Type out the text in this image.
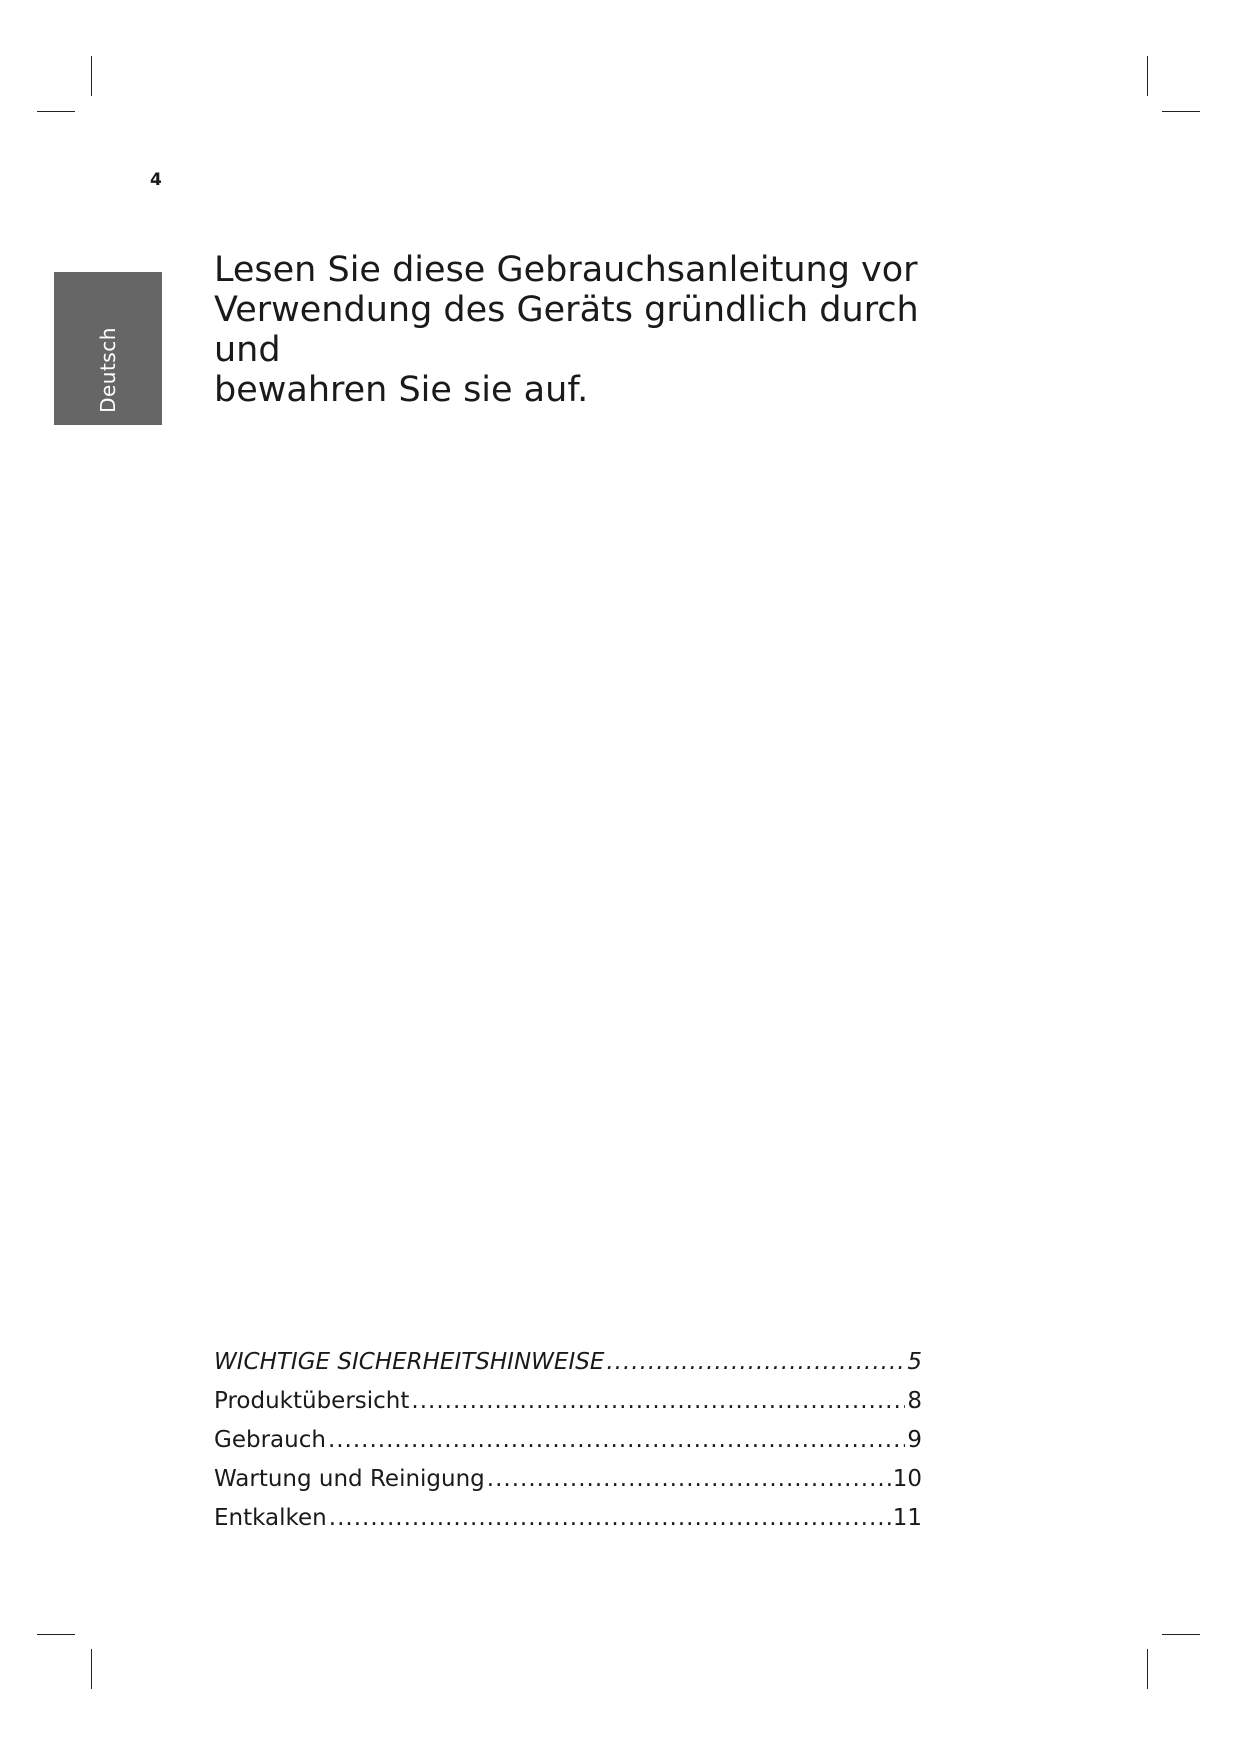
4
Deutsch
Lesen Sie diese Gebrauchsanleitung vor
Verwendung des Geräts gründlich durch und
bewahren Sie sie auf.
WICHTIGE SICHERHEITSHINWEISE .....	5
Produktübersicht .....	8
Gebrauch .....	9
Wartung und Reinigung .....	10
Entkalken .....	11
